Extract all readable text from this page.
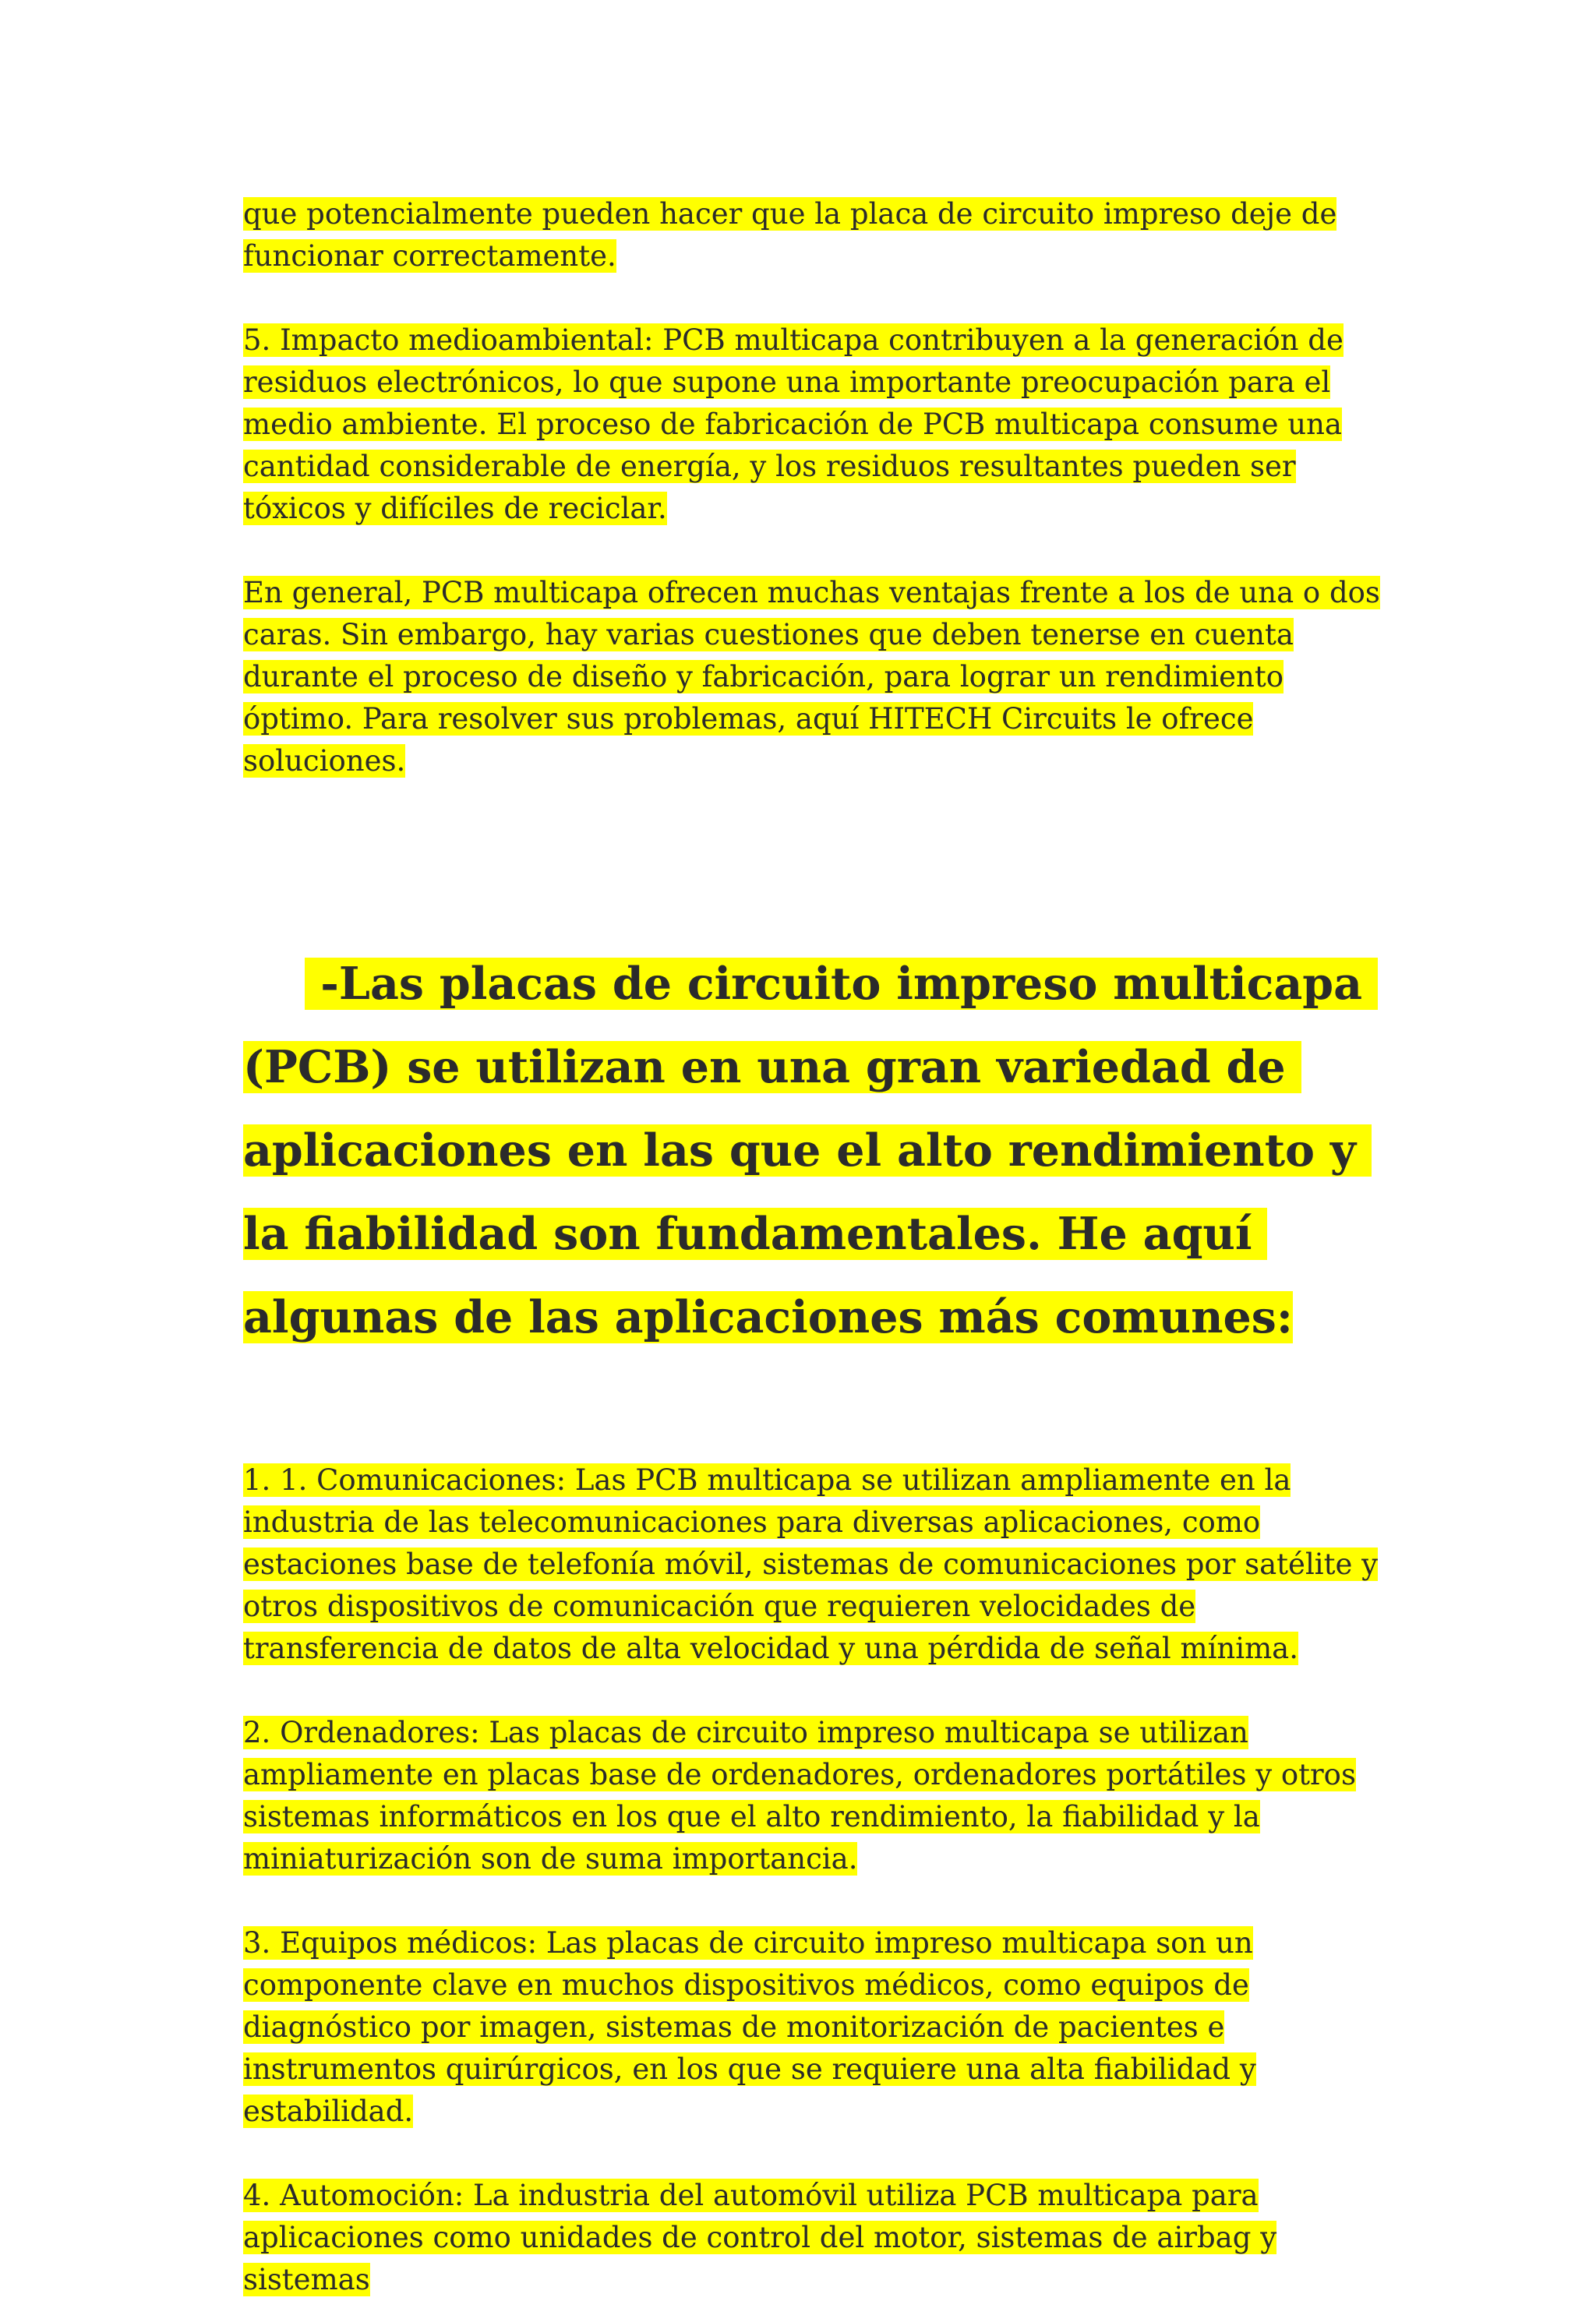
que potencialmente pueden hacer que la placa de circuito impreso deje de funcionar correctamente.

5. Impacto medioambiental: PCB multicapa contribuyen a la generación de residuos electrónicos, lo que supone una importante preocupación para el medio ambiente. El proceso de fabricación de PCB multicapa consume una cantidad considerable de energía, y los residuos resultantes pueden ser tóxicos y difíciles de reciclar.

En general, PCB multicapa ofrecen muchas ventajas frente a los de una o dos caras. Sin embargo, hay varias cuestiones que deben tenerse en cuenta durante el proceso de diseño y fabricación, para lograr un rendimiento óptimo. Para resolver sus problemas, aquí HITECH Circuits le ofrece soluciones.

-Las placas de circuito impreso multicapa (PCB) se utilizan en una gran variedad de aplicaciones en las que el alto rendimiento y la fiabilidad son fundamentales. He aquí algunas de las aplicaciones más comunes:

1. 1. Comunicaciones: Las PCB multicapa se utilizan ampliamente en la industria de las telecomunicaciones para diversas aplicaciones, como estaciones base de telefonía móvil, sistemas de comunicaciones por satélite y otros dispositivos de comunicación que requieren velocidades de transferencia de datos de alta velocidad y una pérdida de señal mínima.

2. Ordenadores: Las placas de circuito impreso multicapa se utilizan ampliamente en placas base de ordenadores, ordenadores portátiles y otros sistemas informáticos en los que el alto rendimiento, la fiabilidad y la miniaturización son de suma importancia.

3. Equipos médicos: Las placas de circuito impreso multicapa son un componente clave en muchos dispositivos médicos, como equipos de diagnóstico por imagen, sistemas de monitorización de pacientes e instrumentos quirúrgicos, en los que se requiere una alta fiabilidad y estabilidad.

4. Automoción: La industria del automóvil utiliza PCB multicapa para aplicaciones como unidades de control del motor, sistemas de airbag y sistemas
